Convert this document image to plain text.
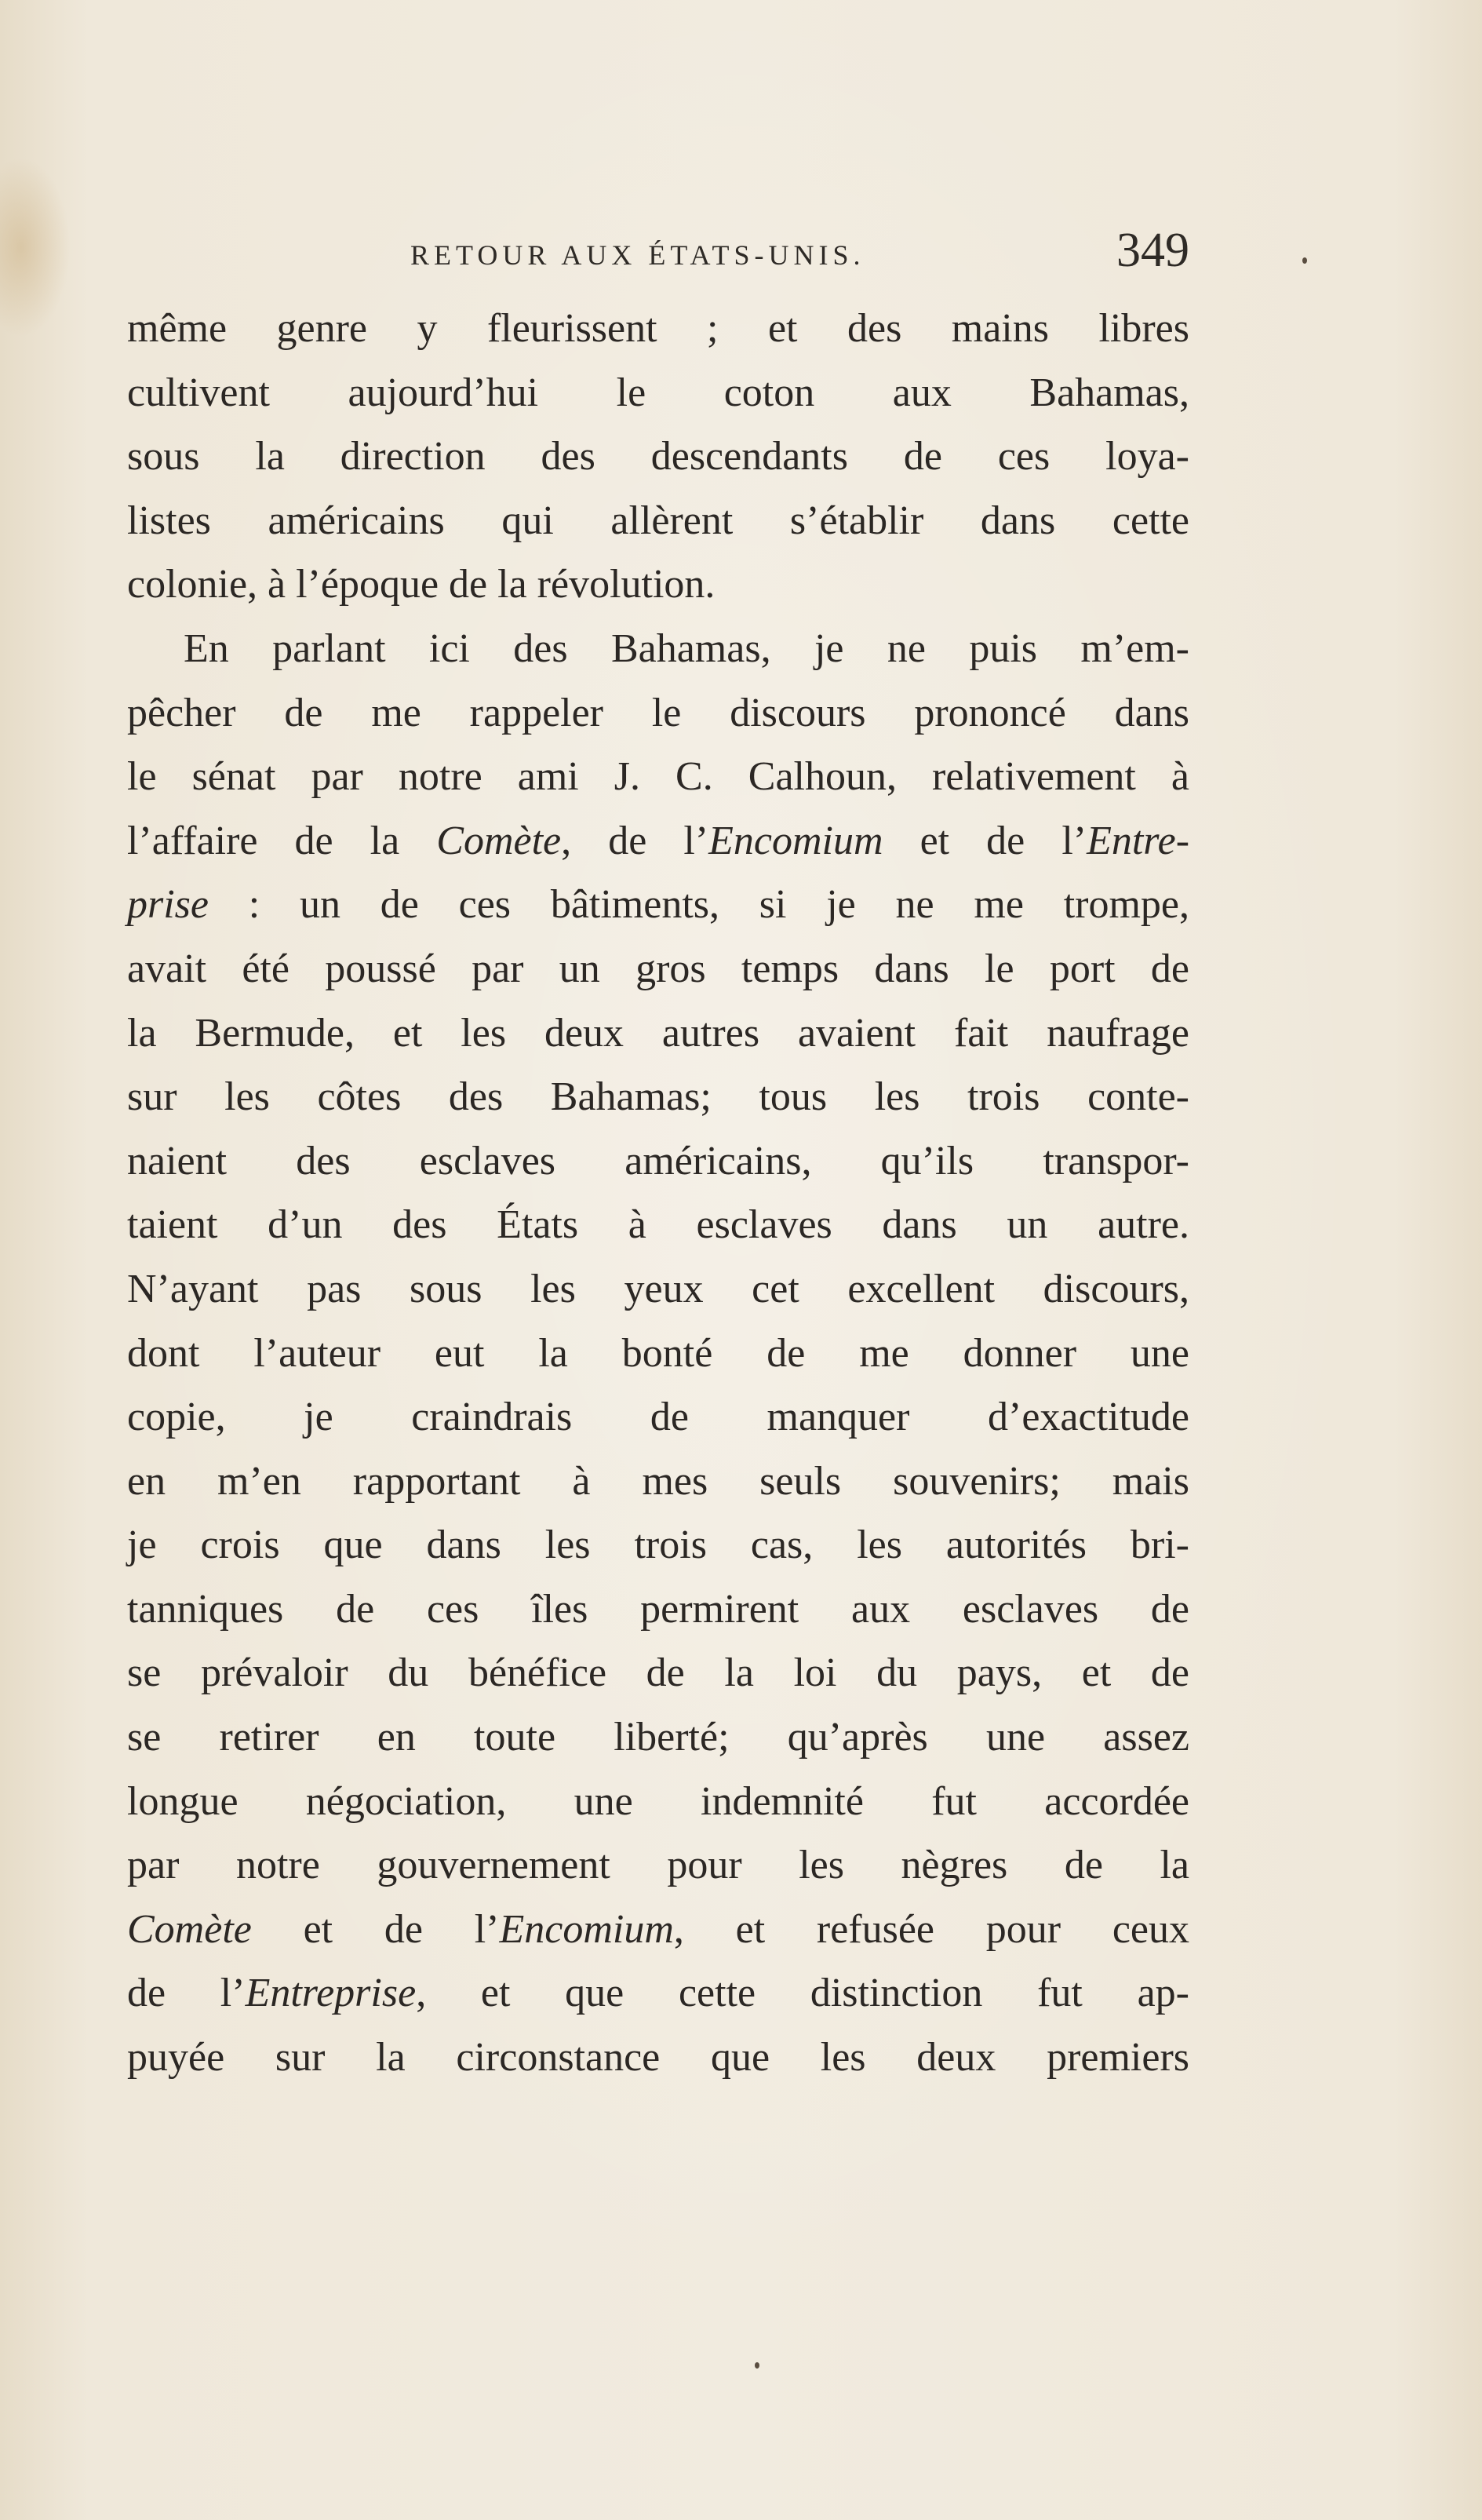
RETOUR AUX ÉTATS-UNIS.	349
même genre y fleurissent ; et des mains libres
cultivent aujourd’hui le coton aux Bahamas,
sous la direction des descendants de ces loya-
listes américains qui allèrent s’établir dans cette
colonie, à l’époque de la révolution.
En parlant ici des Bahamas, je ne puis m’em-
pêcher de me rappeler le discours prononcé dans
le sénat par notre ami J. C. Calhoun, relativement à
l’affaire de la Comète, de l’Encomium et de l’Entre-
prise : un de ces bâtiments, si je ne me trompe,
avait été poussé par un gros temps dans le port de
la Bermude, et les deux autres avaient fait naufrage
sur les côtes des Bahamas; tous les trois conte-
naient des esclaves américains, qu’ils transpor-
taient d’un des États à esclaves dans un autre.
N’ayant pas sous les yeux cet excellent discours,
dont l’auteur eut la bonté de me donner une
copie, je craindrais de manquer d’exactitude
en m’en rapportant à mes seuls souvenirs; mais
je crois que dans les trois cas, les autorités bri-
tanniques de ces îles permirent aux esclaves de
se prévaloir du bénéfice de la loi du pays, et de
se retirer en toute liberté; qu’après une assez
longue négociation, une indemnité fut accordée
par notre gouvernement pour les nègres de la
Comète et de l’Encomium, et refusée pour ceux
de l’Entreprise, et que cette distinction fut ap-
puyée sur la circonstance que les deux premiers
